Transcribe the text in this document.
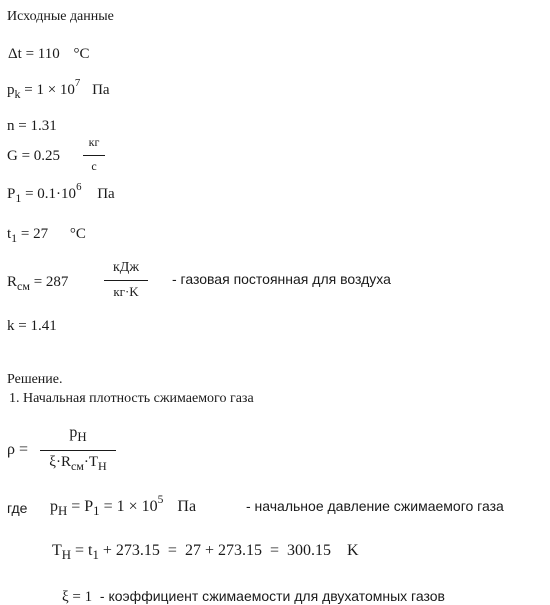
Исходные данные
Δt = 110 °C
$p_k = 1 \times 10^7$ Па
n = 1.31
G = 0.25
кг
с
$P_1 = 0.1\cdot 10^6$ Па
$t_1 = 27$ °C
$R_{см} = 287$
кДж
кг·K
- газовая постоянная для воздуха
k = 1.41
Решение.
1. Начальная плотность сжимаемого газа
ρ =
$p_Н$
$\xi\cdot R_{см}\cdot T_Н$
где $p_Н = P_1 = 1 \times 10^5$ Па	- начальное давление сжимаемого газа
$T_Н = t_1 + 273.15 = 27 + 273.15 = 300.15$ K
ξ = 1 - коэффициент сжимаемости для двухатомных газов
